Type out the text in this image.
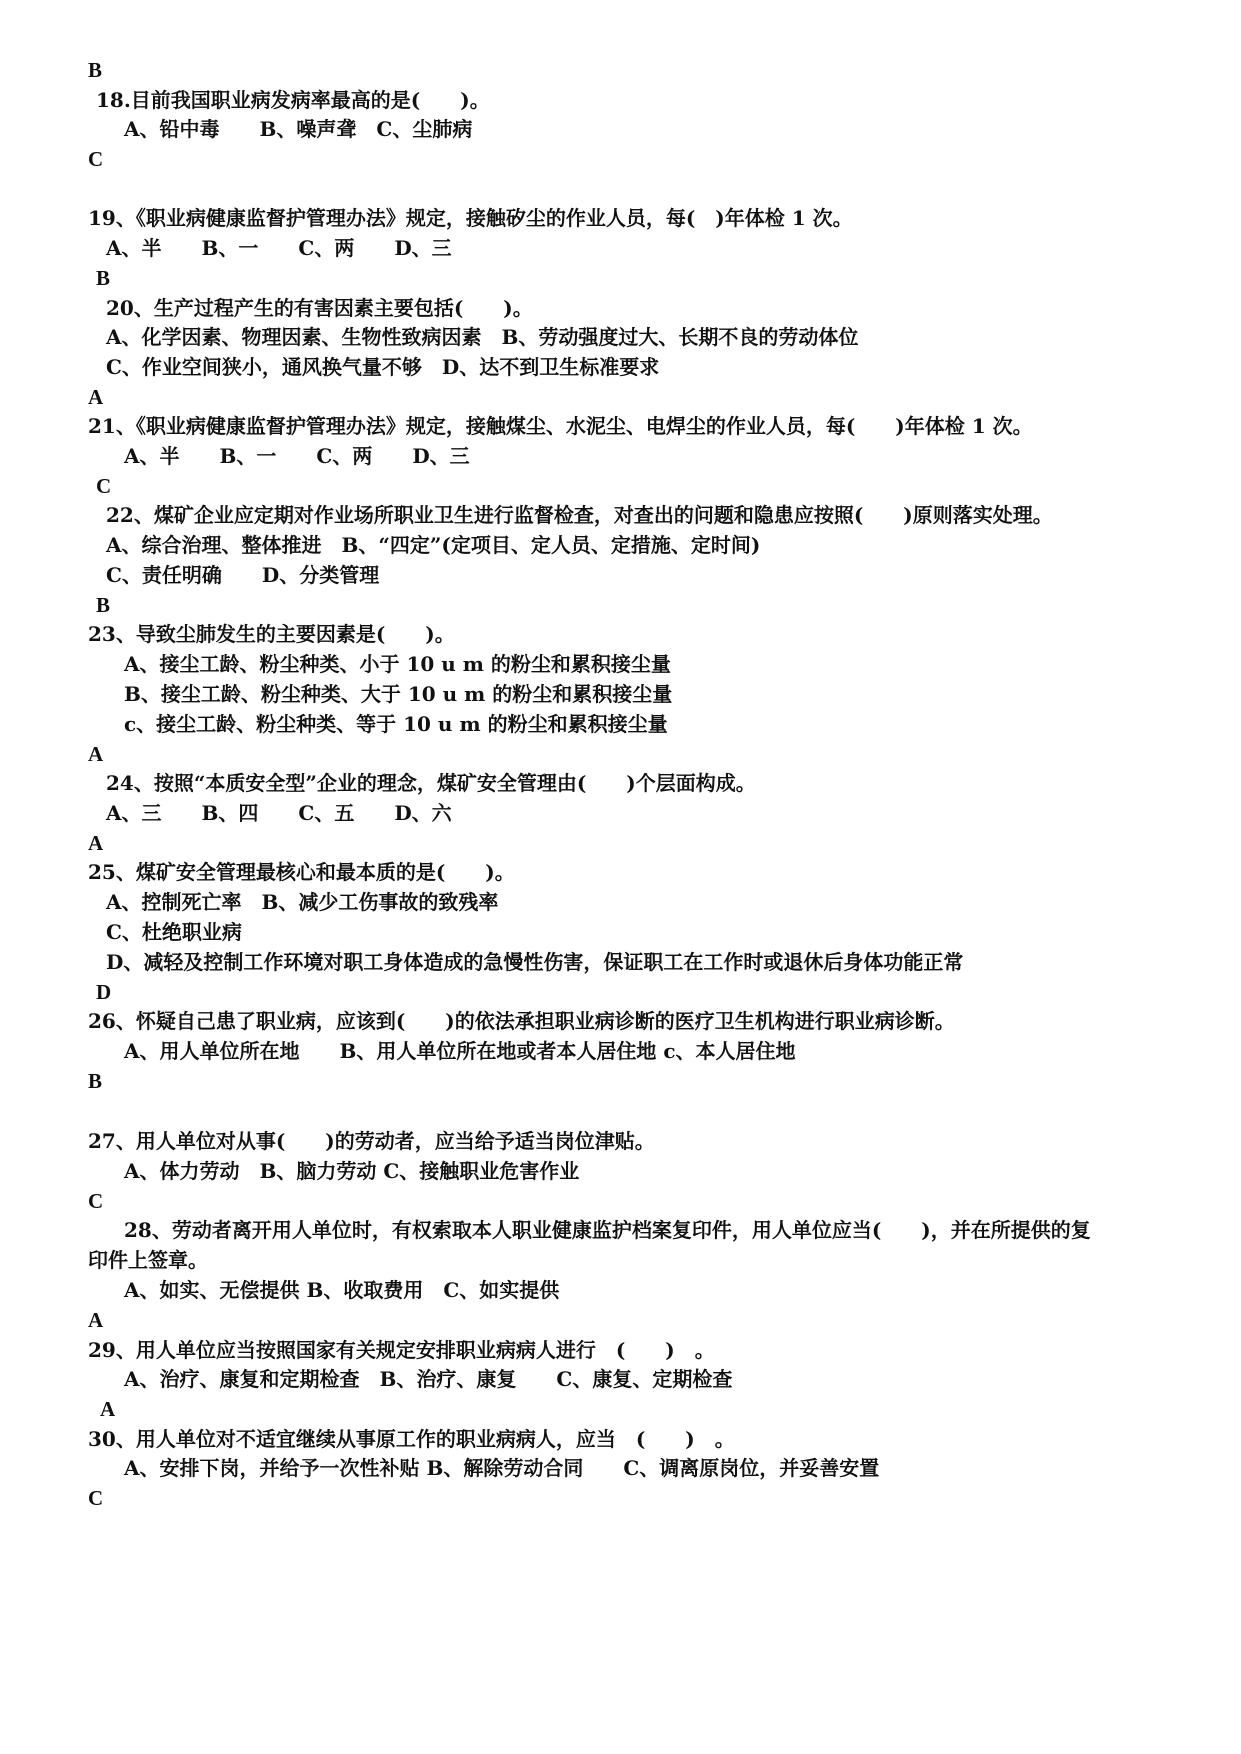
B
18.目前我国职业病发病率最高的是(　　)。
A、铅中毒　　B、噪声聋　C、尘肺病
C
19、《职业病健康监督护管理办法》规定，接触矽尘的作业人员，每(　)年体检 1 次。
A、半　　B、一　　C、两　　D、三
B
20、生产过程产生的有害因素主要包括(　　)。
A、化学因素、物理因素、生物性致病因素　B、劳动强度过大、长期不良的劳动体位
C、作业空间狭小，通风换气量不够　D、达不到卫生标准要求
A
21、《职业病健康监督护管理办法》规定，接触煤尘、水泥尘、电焊尘的作业人员，每(　　)年体检 1 次。
A、半　　B、一　　C、两　　D、三
C
22、煤矿企业应定期对作业场所职业卫生进行监督检查，对查出的问题和隐患应按照(　　)原则落实处理。
A、综合治理、整体推进　B、“四定”(定项目、定人员、定措施、定时间)
C、责任明确　　D、分类管理
B
23、导致尘肺发生的主要因素是(　　)。
A、接尘工龄、粉尘种类、小于 10 u m 的粉尘和累积接尘量
B、接尘工龄、粉尘种类、大于 10 u m 的粉尘和累积接尘量
c、接尘工龄、粉尘种类、等于 10 u m 的粉尘和累积接尘量
A
24、按照“本质安全型”企业的理念，煤矿安全管理由(　　)个层面构成。
A、三　　B、四　　C、五　　D、六
A
25、煤矿安全管理最核心和最本质的是(　　)。
A、控制死亡率　B、减少工伤事故的致残率
C、杜绝职业病
D、减轻及控制工作环境对职工身体造成的急慢性伤害，保证职工在工作时或退休后身体功能正常
D
26、怀疑自己患了职业病，应该到(　　)的依法承担职业病诊断的医疗卫生机构进行职业病诊断。
A、用人单位所在地　　B、用人单位所在地或者本人居住地 c、本人居住地
B
27、用人单位对从事(　　)的劳动者，应当给予适当岗位津贴。
A、体力劳动　B、脑力劳动 C、接触职业危害作业
C
28、劳动者离开用人单位时，有权索取本人职业健康监护档案复印件，用人单位应当(　　)，并在所提供的复
印件上签章。
A、如实、无偿提供 B、收取费用　C、如实提供
A
29、用人单位应当按照国家有关规定安排职业病病人进行　(　　)　。
A、治疗、康复和定期检查　B、治疗、康复　　C、康复、定期检查
A
30、用人单位对不适宜继续从事原工作的职业病病人，应当　(　　)　。
A、安排下岗，并给予一次性补贴 B、解除劳动合同　　C、调离原岗位，并妥善安置
C
